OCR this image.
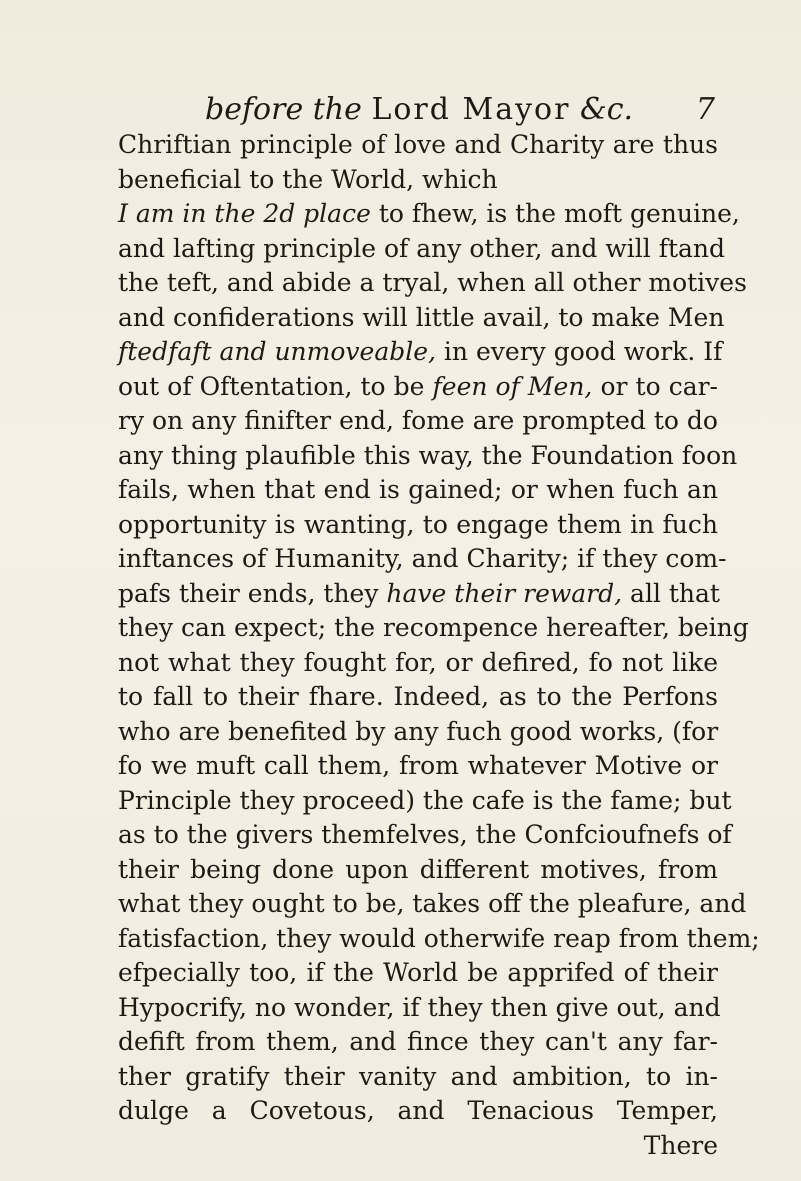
before the Lord Mayor &c. 7
Chriftian principle of love and Charity are thus
beneficial to the World, which
I am in the 2d place to fhew, is the moft genuine,
and lafting principle of any other, and will ftand
the teft, and abide a tryal, when all other motives
and confiderations will little avail, to make Men
ftedfaft and unmoveable, in every good work. If
out of Oftentation, to be feen of Men, or to car-
ry on any finifter end, fome are prompted to do
any thing plaufible this way, the Foundation foon
fails, when that end is gained; or when fuch an
opportunity is wanting, to engage them in fuch
inftances of Humanity, and Charity; if they com-
pafs their ends, they have their reward, all that
they can expect; the recompence hereafter, being
not what they fought for, or defired, fo not like
to fall to their fhare. Indeed, as to the Perfons
who are benefited by any fuch good works, (for
fo we muft call them, from whatever Motive or
Principle they proceed) the cafe is the fame; but
as to the givers themfelves, the Confcioufnefs of
their being done upon different motives, from
what they ought to be, takes off the pleafure, and
fatisfaction, they would otherwife reap from them;
efpecially too, if the World be apprifed of their
Hypocrify, no wonder, if they then give out, and
defift from them, and fince they can't any far-
ther gratify their vanity and ambition, to in-
dulge a Covetous, and Tenacious Temper,
There
